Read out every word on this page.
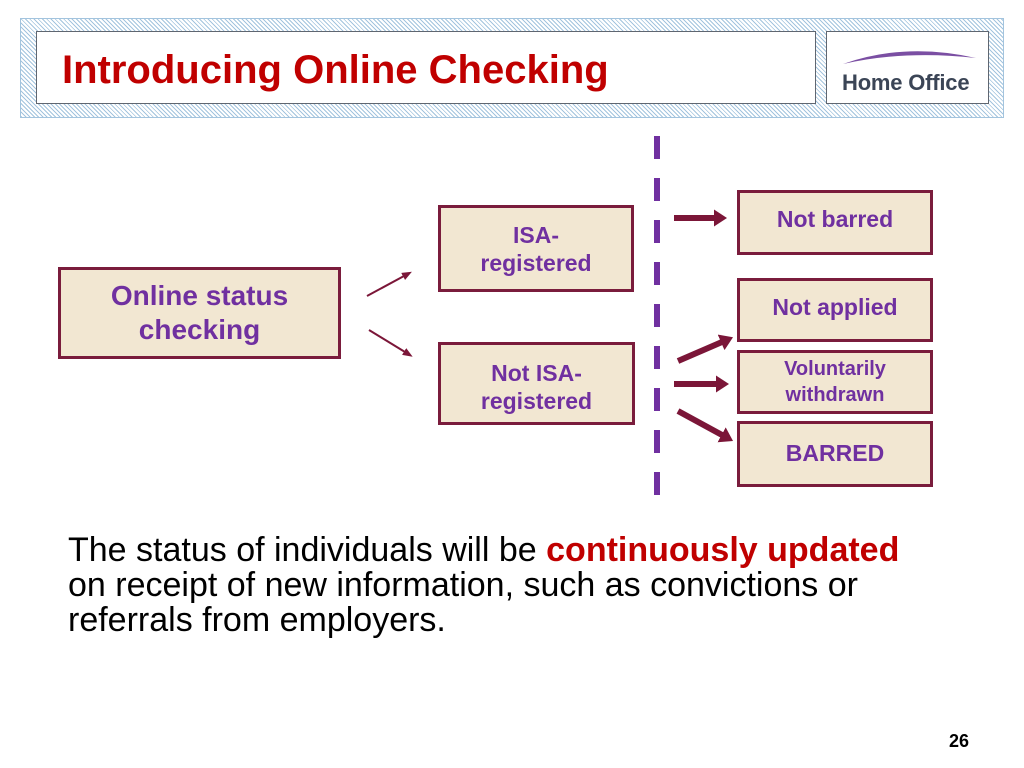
Introducing Online Checking	Home Office
Online status
checking
ISA-
registered
Not ISA-
registered
Not barred
Not applied
Voluntarily
withdrawn
BARRED
The status of individuals will be continuously updated
on receipt of new information, such as convictions or
referrals from employers.
26
